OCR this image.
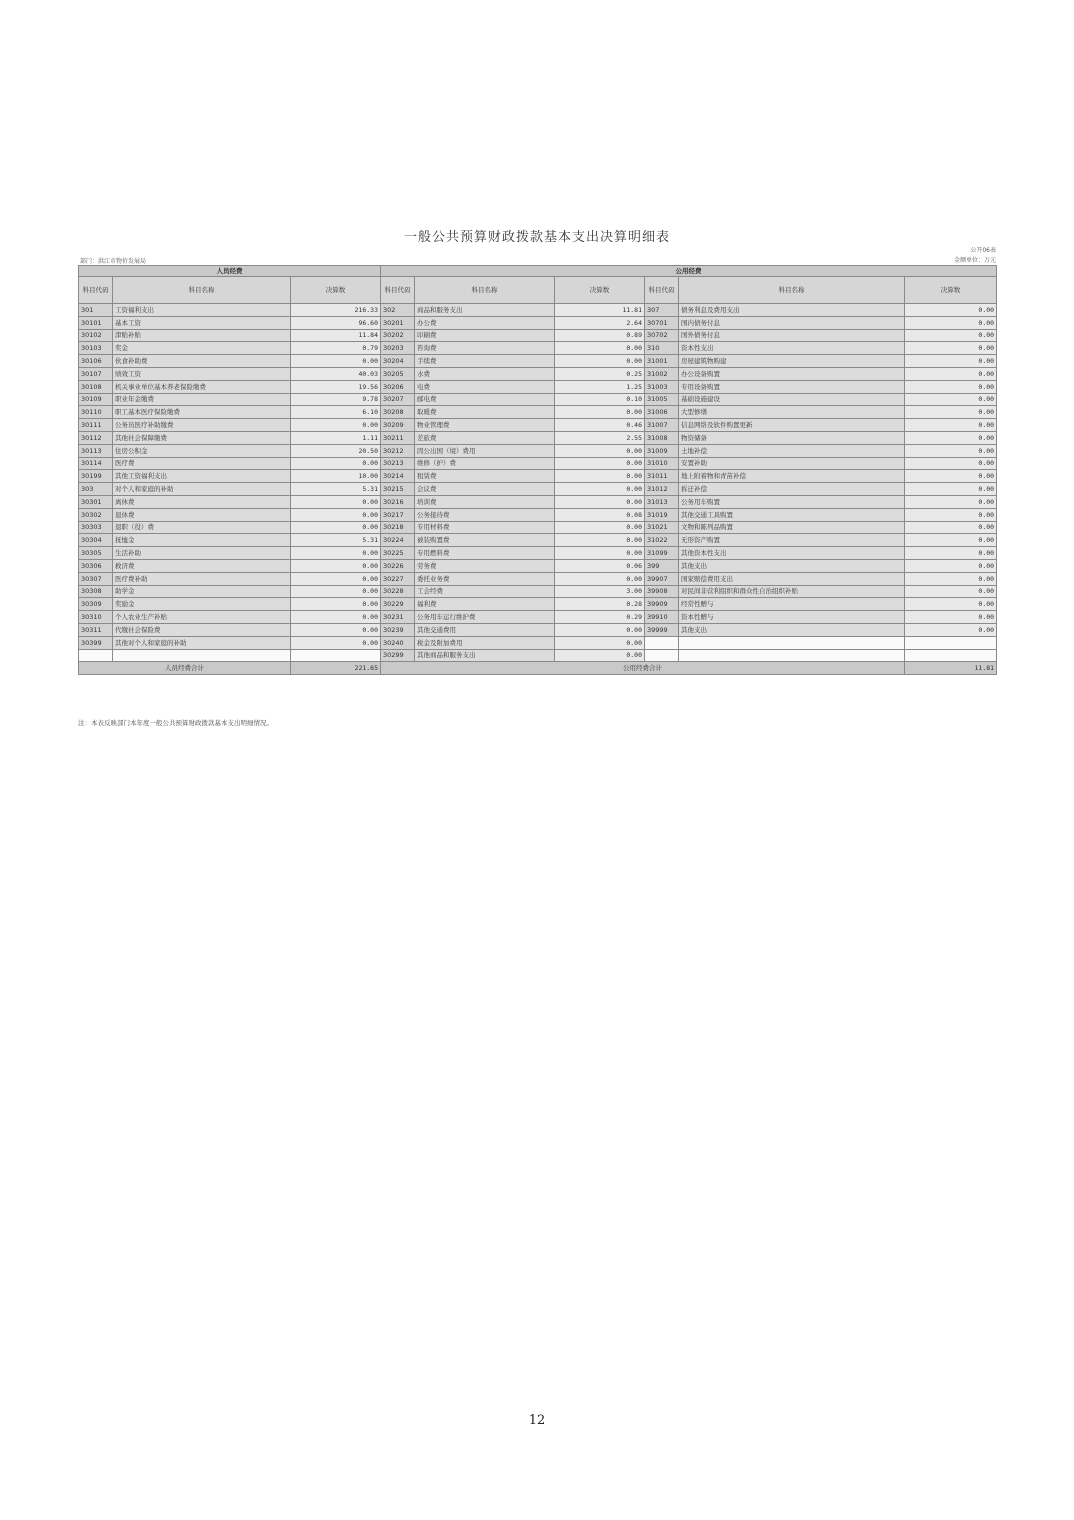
一般公共预算财政拨款基本支出决算明细表
公开06表
金额单位：万元
部门：洪江市物价发展局
人员经费			公用经费					
科目代码	科目名称	决算数	科目代码	科目名称	决算数	科目代码	科目名称	决算数
301	工资福利支出	216.33	302	商品和服务支出	11.81	307	债务利息及费用支出	0.00
30101	基本工资	96.60	30201	办公费	2.64	30701	国内债务付息	0.00
30102	津贴补贴	11.84	30202	印刷费	0.89	30702	国外债务付息	0.00
30103	奖金	0.79	30203	咨询费	0.00	310	资本性支出	0.00
30106	伙食补助费	0.00	30204	手续费	0.00	31001	房屋建筑物购建	0.00
30107	绩效工资	40.03	30205	水费	0.25	31002	办公设备购置	0.00
30108	机关事业单位基本养老保险缴费	19.56	30206	电费	1.25	31003	专用设备购置	0.00
30109	职业年金缴费	9.78	30207	邮电费	0.10	31005	基础设施建设	0.00
30110	职工基本医疗保险缴费	6.10	30208	取暖费	0.00	31006	大型修缮	0.00
30111	公务员医疗补助缴费	0.00	30209	物业管理费	0.46	31007	信息网络及软件购置更新	0.00
30112	其他社会保障缴费	1.11	30211	差旅费	2.55	31008	物资储备	0.00
30113	住房公积金	20.50	30212	因公出国（境）费用	0.00	31009	土地补偿	0.00
30114	医疗费	0.00	30213	维修（护）费	0.00	31010	安置补助	0.00
30199	其他工资福利支出	10.00	30214	租赁费	0.00	31011	地上附着物和青苗补偿	0.00
303	对个人和家庭的补助	5.31	30215	会议费	0.00	31012	拆迁补偿	0.00
30301	离休费	0.00	30216	培训费	0.00	31013	公务用车购置	0.00
30302	退休费	0.00	30217	公务接待费	0.08	31019	其他交通工具购置	0.00
30303	退职（役）费	0.00	30218	专用材料费	0.00	31021	文物和陈列品购置	0.00
30304	抚恤金	5.31	30224	被装购置费	0.00	31022	无形资产购置	0.00
30305	生活补助	0.00	30225	专用燃料费	0.00	31099	其他资本性支出	0.00
30306	救济费	0.00	30226	劳务费	0.06	399	其他支出	0.00
30307	医疗费补助	0.00	30227	委托业务费	0.00	39907	国家赔偿费用支出	0.00
30308	助学金	0.00	30228	工会经费	3.00	39908	对民间非营利组织和群众性自治组织补贴	0.00
30309	奖励金	0.00	30229	福利费	0.28	39909	经常性赠与	0.00
30310	个人农业生产补贴	0.00	30231	公务用车运行维护费	0.29	39910	资本性赠与	0.00
30311	代缴社会保险费	0.00	30239	其他交通费用	0.00	39999	其他支出	0.00
30399	其他对个人和家庭的补助	0.00	30240	税金及附加费用	0.00			
			30299	其他商品和服务支出	0.00			
人员经费合计		221.65	公用经费合计					11.81
注：本表反映部门本年度一般公共预算财政拨款基本支出明细情况。
12
